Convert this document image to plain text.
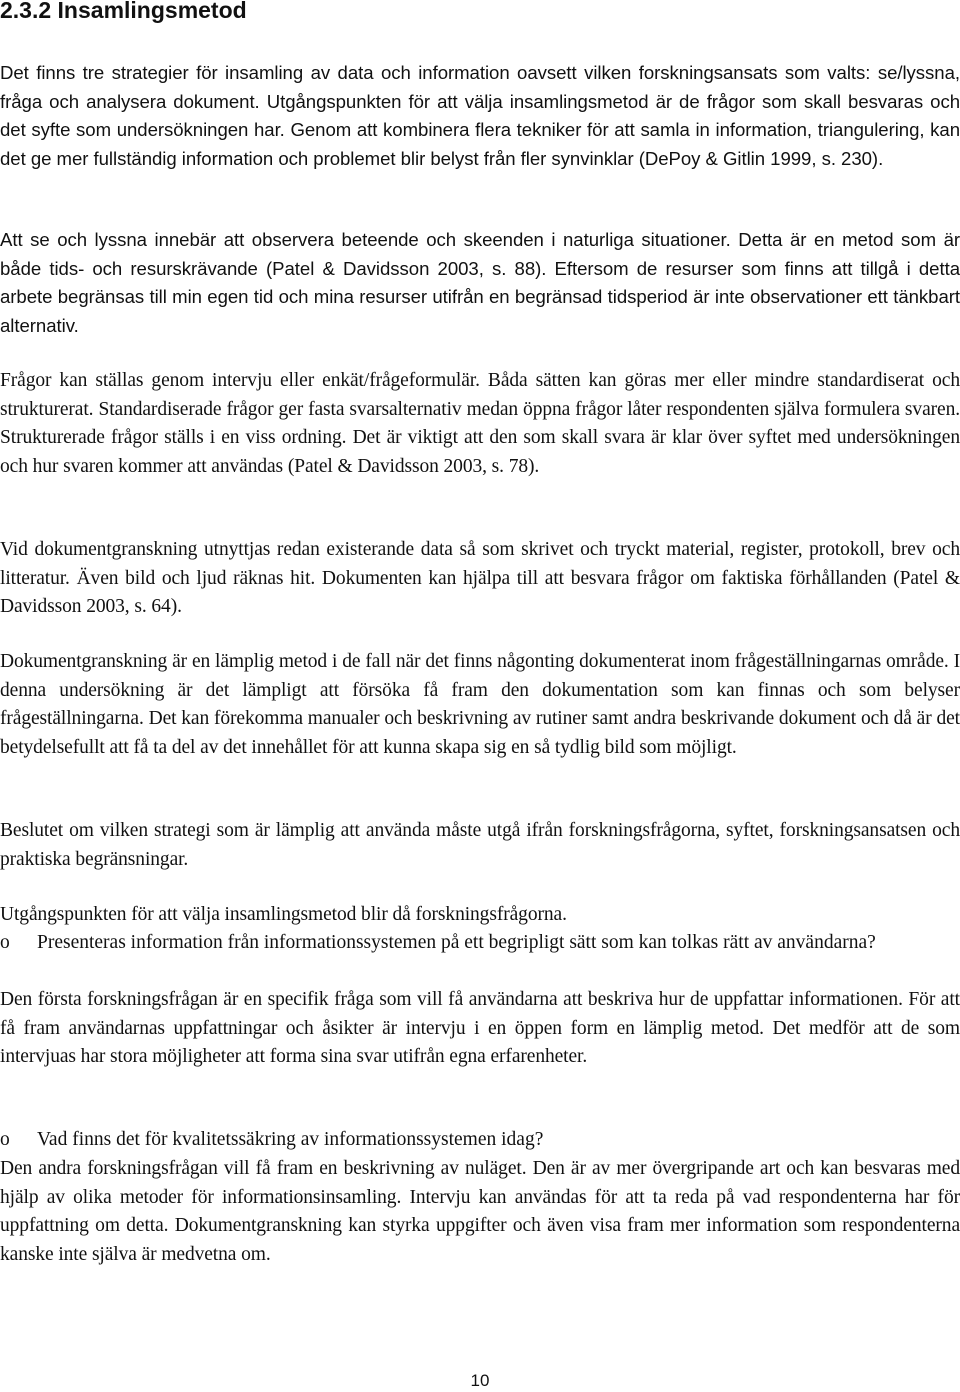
2.3.2 Insamlingsmetod

Det finns tre strategier för insamling av data och information oavsett vilken forskningsansats som valts: se/lyssna, fråga och analysera dokument. Utgångspunkten för att välja insamlingsmetod är de frågor som skall besvaras och det syfte som undersökningen har. Genom att kombinera flera tekniker för att samla in information, triangulering, kan det ge mer fullständig information och problemet blir belyst från fler synvinklar (DePoy & Gitlin 1999, s. 230).

Att se och lyssna innebär att observera beteende och skeenden i naturliga situationer. Detta är en metod som är både tids- och resurskrävande (Patel & Davidsson 2003, s. 88). Eftersom de resurser som finns att tillgå i detta arbete begränsas till min egen tid och mina resurser utifrån en begränsad tidsperiod är inte observationer ett tänkbart alternativ.

Frågor kan ställas genom intervju eller enkät/frågeformulär. Båda sätten kan göras mer eller mindre standardiserat och strukturerat. Standardiserade frågor ger fasta svarsalternativ medan öppna frågor låter respondenten själva formulera svaren. Strukturerade frågor ställs i en viss ordning. Det är viktigt att den som skall svara är klar över syftet med undersökningen och hur svaren kommer att användas (Patel & Davidsson 2003, s. 78).

Vid dokumentgranskning utnyttjas redan existerande data så som skrivet och tryckt material, register, protokoll, brev och litteratur. Även bild och ljud räknas hit. Dokumenten kan hjälpa till att besvara frågor om faktiska förhållanden (Patel & Davidsson 2003, s. 64).

Dokumentgranskning är en lämplig metod i de fall när det finns någonting dokumenterat inom frågeställningarnas område. I denna undersökning är det lämpligt att försöka få fram den dokumentation som kan finnas och som belyser frågeställningarna. Det kan förekomma manualer och beskrivning av rutiner samt andra beskrivande dokument och då är det betydelsefullt att få ta del av det innehållet för att kunna skapa sig en så tydlig bild som möjligt.

Beslutet om vilken strategi som är lämplig att använda måste utgå ifrån forskningsfrågorna, syftet, forskningsansatsen och praktiska begränsningar.

Utgångspunkten för att välja insamlingsmetod blir då forskningsfrågorna.

o Presenteras information från informationssystemen på ett begripligt sätt som kan tolkas rätt av användarna?

Den första forskningsfrågan är en specifik fråga som vill få användarna att beskriva hur de uppfattar informationen. För att få fram användarnas uppfattningar och åsikter är intervju i en öppen form en lämplig metod. Det medför att de som intervjuas har stora möjligheter att forma sina svar utifrån egna erfarenheter.

o Vad finns det för kvalitetssäkring av informationssystemen idag?

Den andra forskningsfrågan vill få fram en beskrivning av nuläget. Den är av mer övergripande art och kan besvaras med hjälp av olika metoder för informationsinsamling. Intervju kan användas för att ta reda på vad respondenterna har för uppfattning om detta. Dokumentgranskning kan styrka uppgifter och även visa fram mer information som respondenterna kanske inte själva är medvetna om.

10
